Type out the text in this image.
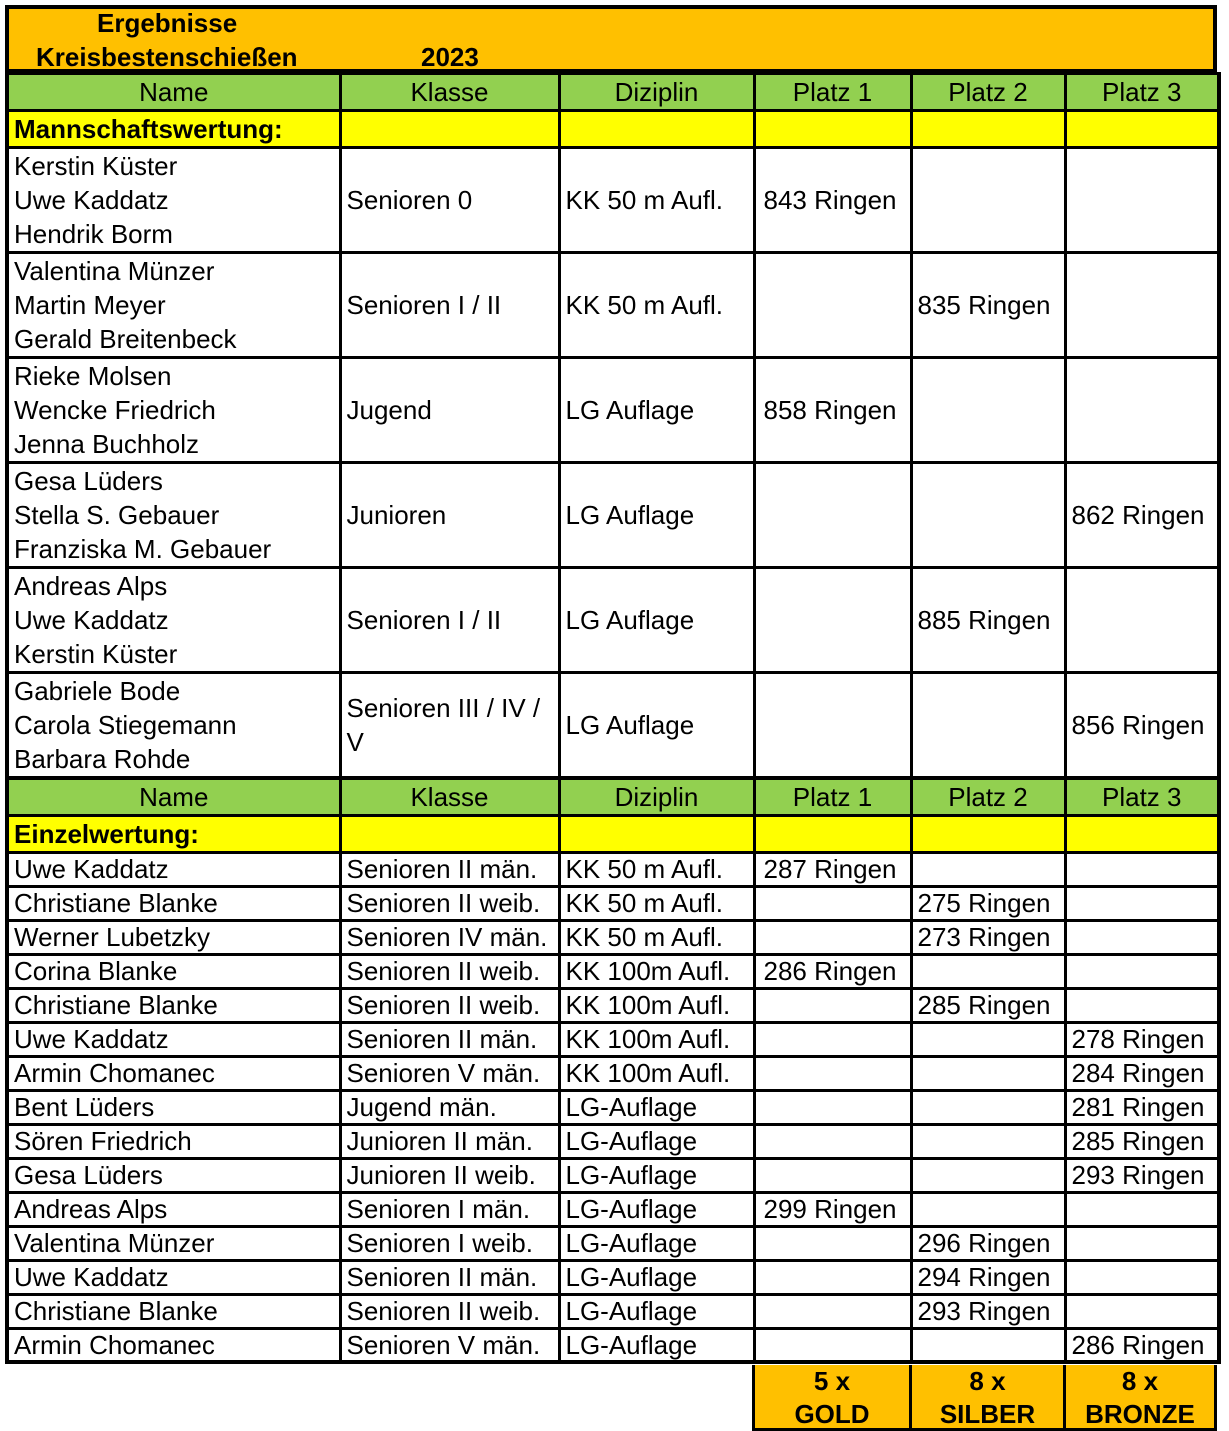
Ergebnisse
Kreisbestenschießen	2023
Name	Klasse	Diziplin	Platz 1	Platz 2	Platz 3
Mannschaftswertung:					

Kerstin Küster
Uwe Kaddatz
Hendrik Borm	Senioren 0	KK 50 m Aufl.	843 Ringen		

Valentina Münzer
Martin Meyer
Gerald Breitenbeck	Senioren I / II	KK 50 m Aufl.		835 Ringen	

Rieke Molsen
Wencke Friedrich
Jenna Buchholz	Jugend	LG Auflage	858 Ringen		

Gesa Lüders
Stella S. Gebauer
Franziska M. Gebauer	Junioren	LG Auflage			862 Ringen

Andreas Alps
Uwe Kaddatz
Kerstin Küster	Senioren I / II	LG Auflage		885 Ringen	

Gabriele Bode
Carola Stiegemann
Barbara Rohde	Senioren III / IV / V	LG Auflage			856 Ringen
Name	Klasse	Diziplin	Platz 1	Platz 2	Platz 3
Einzelwertung:					
Uwe Kaddatz	Senioren II män.	KK 50 m Aufl.	287 Ringen		
Christiane Blanke	Senioren II weib.	KK 50 m Aufl.		275 Ringen	
Werner Lubetzky	Senioren IV män.	KK 50 m Aufl.		273 Ringen	
Corina Blanke	Senioren II weib.	KK 100m Aufl.	286 Ringen		
Christiane Blanke	Senioren II weib.	KK 100m Aufl.		285 Ringen	
Uwe Kaddatz	Senioren II män.	KK 100m Aufl.			278 Ringen
Armin Chomanec	Senioren V män.	KK 100m Aufl.			284 Ringen
Bent Lüders	Jugend män.	LG-Auflage			281 Ringen
Sören Friedrich	Junioren II män.	LG-Auflage			285 Ringen
Gesa Lüders	Junioren II weib.	LG-Auflage			293 Ringen
Andreas Alps	Senioren I män.	LG-Auflage	299 Ringen		
Valentina Münzer	Senioren I weib.	LG-Auflage		296 Ringen	
Uwe Kaddatz	Senioren II män.	LG-Auflage		294 Ringen	
Christiane Blanke	Senioren II weib.	LG-Auflage		293 Ringen	
Armin Chomanec	Senioren V män.	LG-Auflage			286 Ringen
5 x
GOLD
8 x
SILBER
8 x
BRONZE
